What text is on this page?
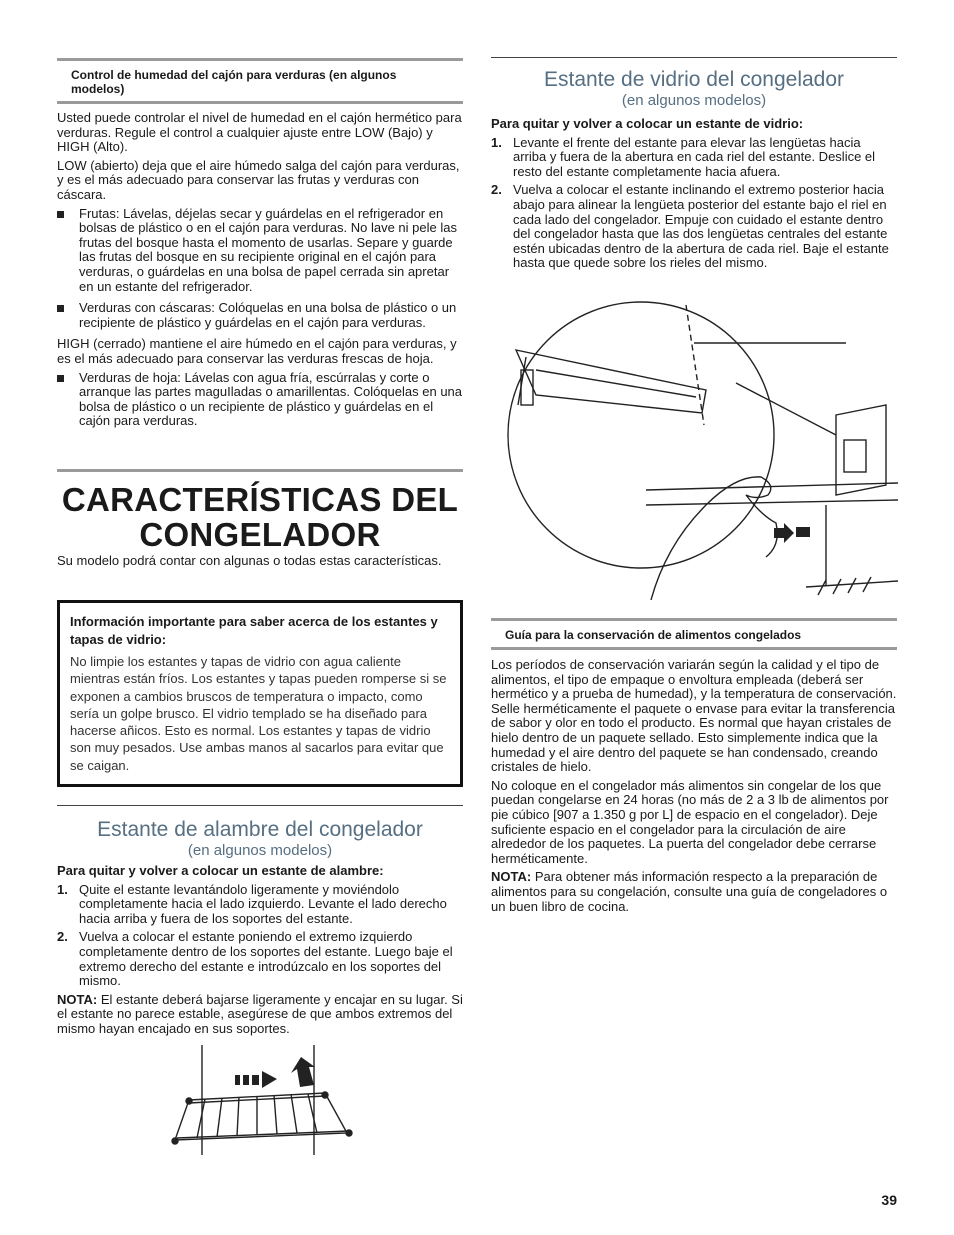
Control de humedad del cajón para verduras (en algunos modelos)

Usted puede controlar el nivel de humedad en el cajón hermético para verduras. Regule el control a cualquier ajuste entre LOW (Bajo) y HIGH (Alto).

LOW (abierto) deja que el aire húmedo salga del cajón para verduras, y es el más adecuado para conservar las frutas y verduras con cáscara.

Frutas: Lávelas, déjelas secar y guárdelas en el refrigerador en bolsas de plástico o en el cajón para verduras. No lave ni pele las frutas del bosque hasta el momento de usarlas. Separe y guarde las frutas del bosque en su recipiente original en el cajón para verduras, o guárdelas en una bolsa de papel cerrada sin apretar en un estante del refrigerador.

Verduras con cáscaras: Colóquelas en una bolsa de plástico o un recipiente de plástico y guárdelas en el cajón para verduras.

HIGH (cerrado) mantiene el aire húmedo en el cajón para verduras, y es el más adecuado para conservar las verduras frescas de hoja.

Verduras de hoja: Lávelas con agua fría, escúrralas y corte o arranque las partes maguIladas o amarillentas. Colóquelas en una bolsa de plástico o un recipiente de plástico y guárdelas en el cajón para verduras.

CARACTERÍSTICAS DEL
CONGELADOR

Su modelo podrá contar con algunas o todas estas características.

Información importante para saber acerca de los estantes y tapas de vidrio:
No limpie los estantes y tapas de vidrio con agua caliente mientras están fríos. Los estantes y tapas pueden romperse si se exponen a cambios bruscos de temperatura o impacto, como sería un golpe brusco. El vidrio templado se ha diseñado para hacerse añicos. Esto es normal. Los estantes y tapas de vidrio son muy pesados. Use ambas manos al sacarlos para evitar que se caigan.
Estante de alambre del congelador
(en algunos modelos)

Para quitar y volver a colocar un estante de alambre:

1. Quite el estante levantándolo ligeramente y moviéndolo completamente hacia el lado izquierdo. Levante el lado derecho hacia arriba y fuera de los soportes del estante.

2. Vuelva a colocar el estante poniendo el extremo izquierdo completamente dentro de los soportes del estante. Luego baje el extremo derecho del estante e introdúzcalo en los soportes del mismo.

NOTA: El estante deberá bajarse ligeramente y encajar en su lugar. Si el estante no parece estable, asegúrese de que ambos extremos del mismo hayan encajado en sus soportes.

Estante de vidrio del congelador
(en algunos modelos)

Para quitar y volver a colocar un estante de vidrio:

1. Levante el frente del estante para elevar las lengüetas hacia arriba y fuera de la abertura en cada riel del estante. Deslice el resto del estante completamente hacia afuera.

2. Vuelva a colocar el estante inclinando el extremo posterior hacia abajo para alinear la lengüeta posterior del estante bajo el riel en cada lado del congelador. Empuje con cuidado el estante dentro del congelador hasta que las dos lengüetas centrales del estante estén ubicadas dentro de la abertura de cada riel. Baje el estante hasta que quede sobre los rieles del mismo.

Guía para la conservación de alimentos congelados

Los períodos de conservación variarán según la calidad y el tipo de alimentos, el tipo de empaque o envoltura empleada (deberá ser hermético y a prueba de humedad), y la temperatura de conservación. Selle herméticamente el paquete o envase para evitar la transferencia de sabor y olor en todo el producto. Es normal que hayan cristales de hielo dentro de un paquete sellado. Esto simplemente indica que la humedad y el aire dentro del paquete se han condensado, creando cristales de hielo.

No coloque en el congelador más alimentos sin congelar de los que puedan congelarse en 24 horas (no más de 2 a 3 lb de alimentos por pie cúbico [907 a 1.350 g por L] de espacio en el congelador). Deje suficiente espacio en el congelador para la circulación de aire alrededor de los paquetes. La puerta del congelador debe cerrarse herméticamente.

NOTA: Para obtener más información respecto a la preparación de alimentos para su congelación, consulte una guía de congeladores o un buen libro de cocina.

39
